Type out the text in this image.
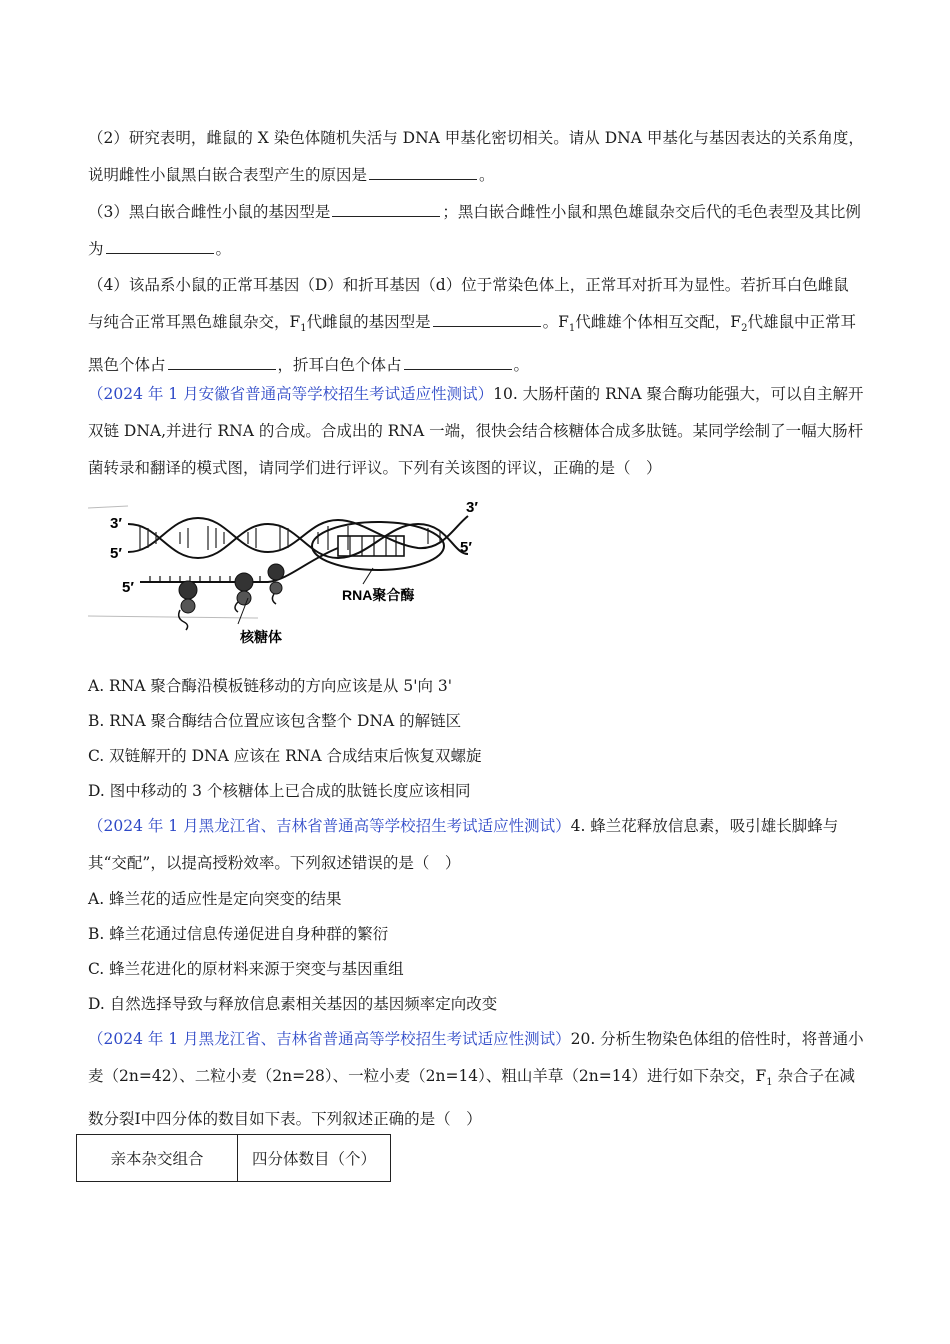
（2）研究表明，雌鼠的 X 染色体随机失活与 DNA 甲基化密切相关。请从 DNA 甲基化与基因表达的关系角度，说明雌性小鼠黑白嵌合表型产生的原因是	。

（3）黑白嵌合雌性小鼠的基因型是	；黑白嵌合雌性小鼠和黑色雄鼠杂交后代的毛色表型及其比例为	。

（4）该品系小鼠的正常耳基因（D）和折耳基因（d）位于常染色体上，正常耳对折耳为显性。若折耳白色雌鼠与纯合正常耳黑色雄鼠杂交，$F_1$代雌鼠的基因型是	。$F_1$代雌雄个体相互交配，$F_2$代雄鼠中正常耳黑色个体占	，折耳白色个体占	。

（2024 年 1 月安徽省普通高等学校招生考试适应性测试）10. 大肠杆菌的 RNA 聚合酶功能强大，可以自主解开双链 DNA,并进行 RNA 的合成。合成出的 RNA 一端，很快会结合核糖体合成多肽链。某同学绘制了一幅大肠杆菌转录和翻译的模式图，请同学们进行评议。下列有关该图的评议，正确的是（　）

3′
5′
3′
5′
5′	RNA聚合酶
核糖体
A. RNA 聚合酶沿模板链移动的方向应该是从 5'向 3'
B. RNA 聚合酶结合位置应该包含整个 DNA 的解链区
C. 双链解开的 DNA 应该在 RNA 合成结束后恢复双螺旋
D. 图中移动的 3 个核糖体上已合成的肽链长度应该相同

（2024 年 1 月黑龙江省、吉林省普通高等学校招生考试适应性测试）4. 蜂兰花释放信息素，吸引雄长脚蜂与其“交配”，以提高授粉效率。下列叙述错误的是（　）

A. 蜂兰花的适应性是定向突变的结果
B. 蜂兰花通过信息传递促进自身种群的繁衍
C. 蜂兰花进化的原材料来源于突变与基因重组
D. 自然选择导致与释放信息素相关基因的基因频率定向改变

（2024 年 1 月黑龙江省、吉林省普通高等学校招生考试适应性测试）20. 分析生物染色体组的倍性时，将普通小麦（2n=42）、二粒小麦（2n=28）、一粒小麦（2n=14）、粗山羊草（2n=14）进行如下杂交，$F_1$ 杂合子在减数分裂Ⅰ中四分体的数目如下表。下列叙述正确的是（　）

亲本杂交组合	四分体数目（个）
